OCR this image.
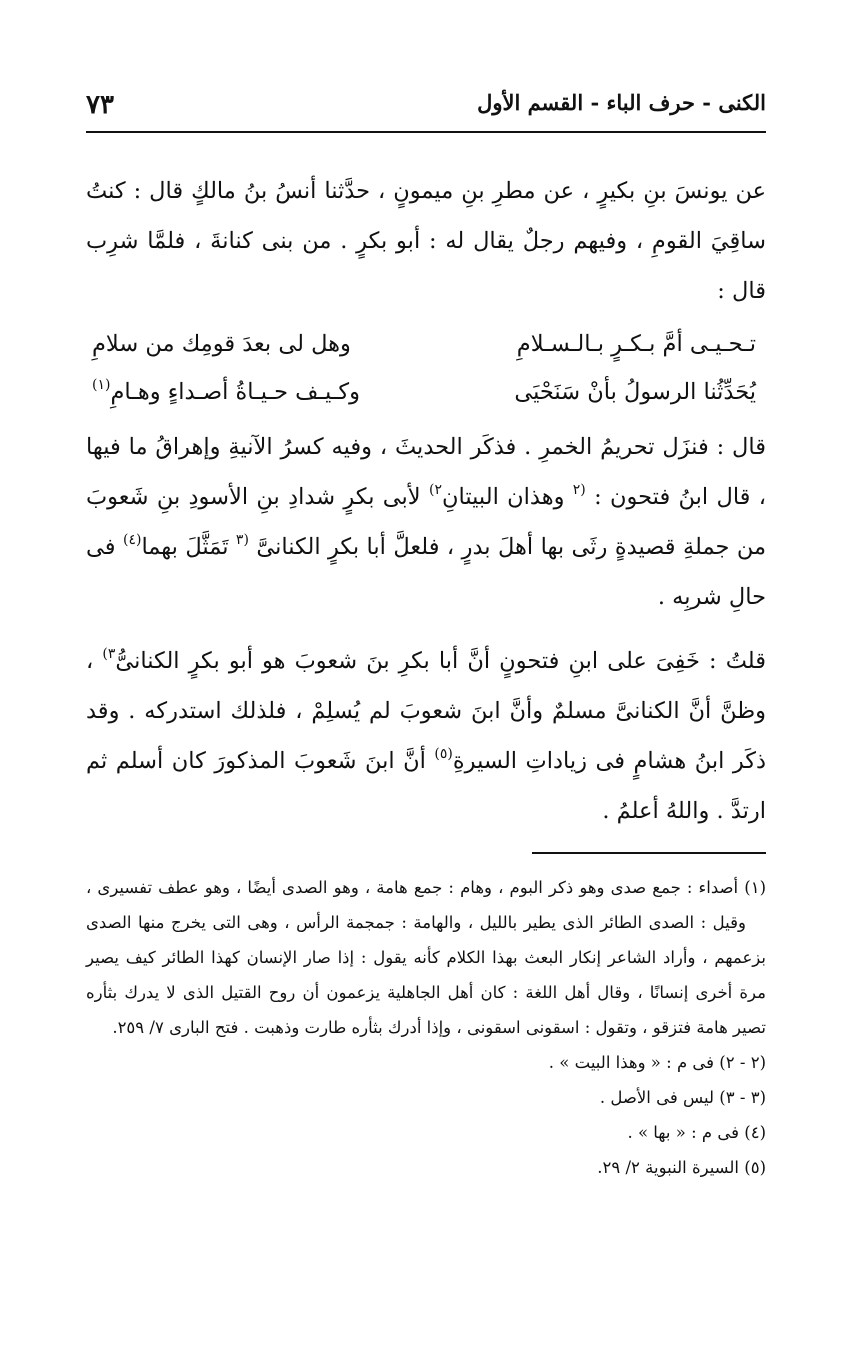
٧٣	الكنى - حرف الباء - القسم الأول

عن يونسَ بنِ بكيرٍ ، عن مطرِ بنِ ميمونٍ ، حدَّثنا أنسُ بنُ مالكٍ قال : كنتُ ساقِيَ القومِ ، وفيهم رجلٌ يقال له : أبو بكرٍ . من بنى كنانةَ ، فلمَّا شرِب قال :

تـحـيـى أمَّ بـكـرٍ بـالـسـلامِ
وهل لى بعدَ قومِك من سلامِ
يُحَدِّثُنا الرسولُ بأنْ سَنَحْيَى
وكـيـف حـيـاةُ أصـداءٍ وهـامِ$^{(١)}$

قال : فنزَل تحريمُ الخمرِ . فذكَر الحديثَ ، وفيه كسرُ الآنيةِ وإهراقُ ما فيها ، قال ابنُ فتحون : $^{(٢}$ وهذان البيتانِ$^{٢)}$ لأبى بكرٍ شدادِ بنِ الأسودِ بنِ شَعوبَ من جملةِ قصيدةٍ رثَى بها أهلَ بدرٍ ، فلعلَّ أبا بكرٍ الكنانىَّ $^{(٣}$ تَمَثَّلَ بهما$^{(٤)}$ فى حالِ شربِه .

قلتُ : خَفِىَ على ابنِ فتحونٍ أنَّ أبا بكرِ بنَ شعوبَ هو أبو بكرٍ الكنانىُّ$^{٣)}$ ، وظنَّ أنَّ الكنانىَّ مسلمٌ وأنَّ ابنَ شعوبَ لم يُسلِمْ ، فلذلك استدركه . وقد ذكَر ابنُ هشامٍ فى زياداتِ السيرةِ$^{(٥)}$ أنَّ ابنَ شَعوبَ المذكورَ كان أسلم ثم ارتدَّ . واللهُ أعلمُ .

(١) أصداء : جمع صدى وهو ذكر البوم ، وهام : جمع هامة ، وهو الصدى أيضًا ، وهو عطف تفسيرى ، وقيل : الصدى الطائر الذى يطير بالليل ، والهامة : جمجمة الرأس ، وهى التى يخرج منها الصدى بزعمهم ، وأراد الشاعر إنكار البعث بهذا الكلام كأنه يقول : إذا صار الإنسان كهذا الطائر كيف يصير مرة أخرى إنسانًا ، وقال أهل اللغة : كان أهل الجاهلية يزعمون أن روح القتيل الذى لا يدرك بثأره تصير هامة فتزقو ، وتقول : اسقونى اسقونى ، وإذا أدرك بثأره طارت وذهبت . فتح البارى ٧/ ٢٥٩.

(٢ - ٢) فى م : « وهذا البيت » .

(٣ - ٣) ليس فى الأصل .

(٤) فى م : « بها » .

(٥) السيرة النبوية ٢/ ٢٩.
